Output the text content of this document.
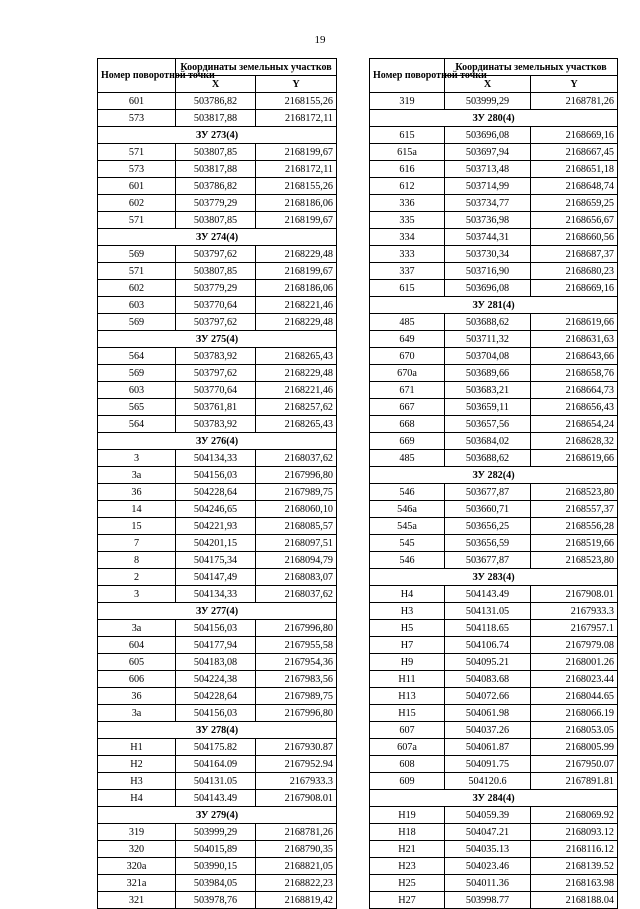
19
Номер поворотной точки	Координаты земельных участков	
	X	Y
601	503786,82	2168155,26
573	503817,88	2168172,11
ЗУ 273(4)		
571	503807,85	2168199,67
573	503817,88	2168172,11
601	503786,82	2168155,26
602	503779,29	2168186,06
571	503807,85	2168199,67
ЗУ 274(4)		
569	503797,62	2168229,48
571	503807,85	2168199,67
602	503779,29	2168186,06
603	503770,64	2168221,46
569	503797,62	2168229,48
ЗУ 275(4)		
564	503783,92	2168265,43
569	503797,62	2168229,48
603	503770,64	2168221,46
565	503761,81	2168257,62
564	503783,92	2168265,43
ЗУ 276(4)		
3	504134,33	2168037,62
3а	504156,03	2167996,80
36	504228,64	2167989,75
14	504246,65	2168060,10
15	504221,93	2168085,57
7	504201,15	2168097,51
8	504175,34	2168094,79
2	504147,49	2168083,07
3	504134,33	2168037,62
ЗУ 277(4)		
3а	504156,03	2167996,80
604	504177,94	2167955,58
605	504183,08	2167954,36
606	504224,38	2167983,56
36	504228,64	2167989,75
3а	504156,03	2167996,80
ЗУ 278(4)		
Н1	504175.82	2167930.87
Н2	504164.09	2167952.94
Н3	504131.05	2167933.3
Н4	504143.49	2167908.01
ЗУ 279(4)		
319	503999,29	2168781,26
320	504015,89	2168790,35
320а	503990,15	2168821,05
321а	503984,05	2168822,23
321	503978,76	2168819,42
Номер поворотной точки	Координаты земельных участков	
	X	Y
319	503999,29	2168781,26
ЗУ 280(4)		
615	503696,08	2168669,16
615а	503697,94	2168667,45
616	503713,48	2168651,18
612	503714,99	2168648,74
336	503734,77	2168659,25
335	503736,98	2168656,67
334	503744,31	2168660,56
333	503730,34	2168687,37
337	503716,90	2168680,23
615	503696,08	2168669,16
ЗУ 281(4)		
485	503688,62	2168619,66
649	503711,32	2168631,63
670	503704,08	2168643,66
670а	503689,66	2168658,76
671	503683,21	2168664,73
667	503659,11	2168656,43
668	503657,56	2168654,24
669	503684,02	2168628,32
485	503688,62	2168619,66
ЗУ 282(4)		
546	503677,87	2168523,80
546а	503660,71	2168557,37
545а	503656,25	2168556,28
545	503656,59	2168519,66
546	503677,87	2168523,80
ЗУ 283(4)		
Н4	504143.49	2167908.01
Н3	504131.05	2167933.3
Н5	504118.65	2167957.1
Н7	504106.74	2167979.08
Н9	504095.21	2168001.26
Н11	504083.68	2168023.44
Н13	504072.66	2168044.65
Н15	504061.98	2168066.19
607	504037.26	2168053.05
607а	504061.87	2168005.99
608	504091.75	2167950.07
609	504120.6	2167891.81
ЗУ 284(4)		
Н19	504059.39	2168069.92
Н18	504047.21	2168093.12
Н21	504035.13	2168116.12
Н23	504023.46	2168139.52
Н25	504011.36	2168163.98
Н27	503998.77	2168188.04
